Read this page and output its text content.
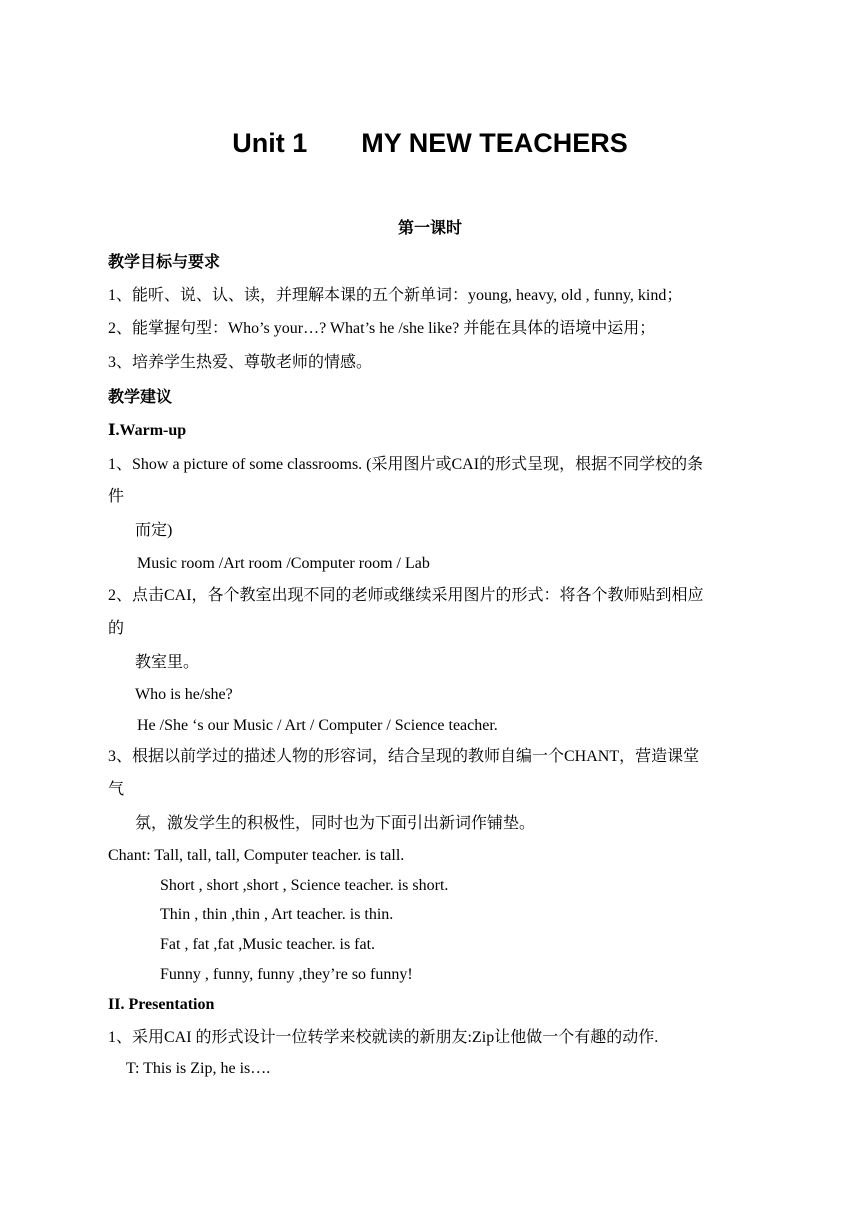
Unit 1 MY NEW TEACHERS
第一课时
教学目标与要求
1、能听、说、认、读，并理解本课的五个新单词：young, heavy, old , funny, kind；
2、能掌握句型：Who’s your…? What’s he /she like? 并能在具体的语境中运用；
3、培养学生热爱、尊敬老师的情感。
教学建议
Ⅰ.Warm-up
1、Show a picture of some classrooms. (采用图片或CAI的形式呈现，根据不同学校的条
件
而定)
Music room /Art room /Computer room / Lab
2、点击CAI，各个教室出现不同的老师或继续采用图片的形式：将各个教师贴到相应
的
教室里。
Who is he/she?
He /She ‘s our Music / Art / Computer / Science teacher.
3、根据以前学过的描述人物的形容词，结合呈现的教师自编一个CHANT，营造课堂
气
氛，激发学生的积极性，同时也为下面引出新词作铺垫。
Chant: Tall, tall, tall, Computer teacher. is tall.
Short , short ,short , Science teacher. is short.
Thin , thin ,thin , Art teacher. is thin.
Fat , fat ,fat ,Music teacher. is fat.
Funny , funny, funny ,they’re so funny!
II. Presentation
1、采用CAI 的形式设计一位转学来校就读的新朋友:Zip让他做一个有趣的动作.
T: This is Zip, he is….
